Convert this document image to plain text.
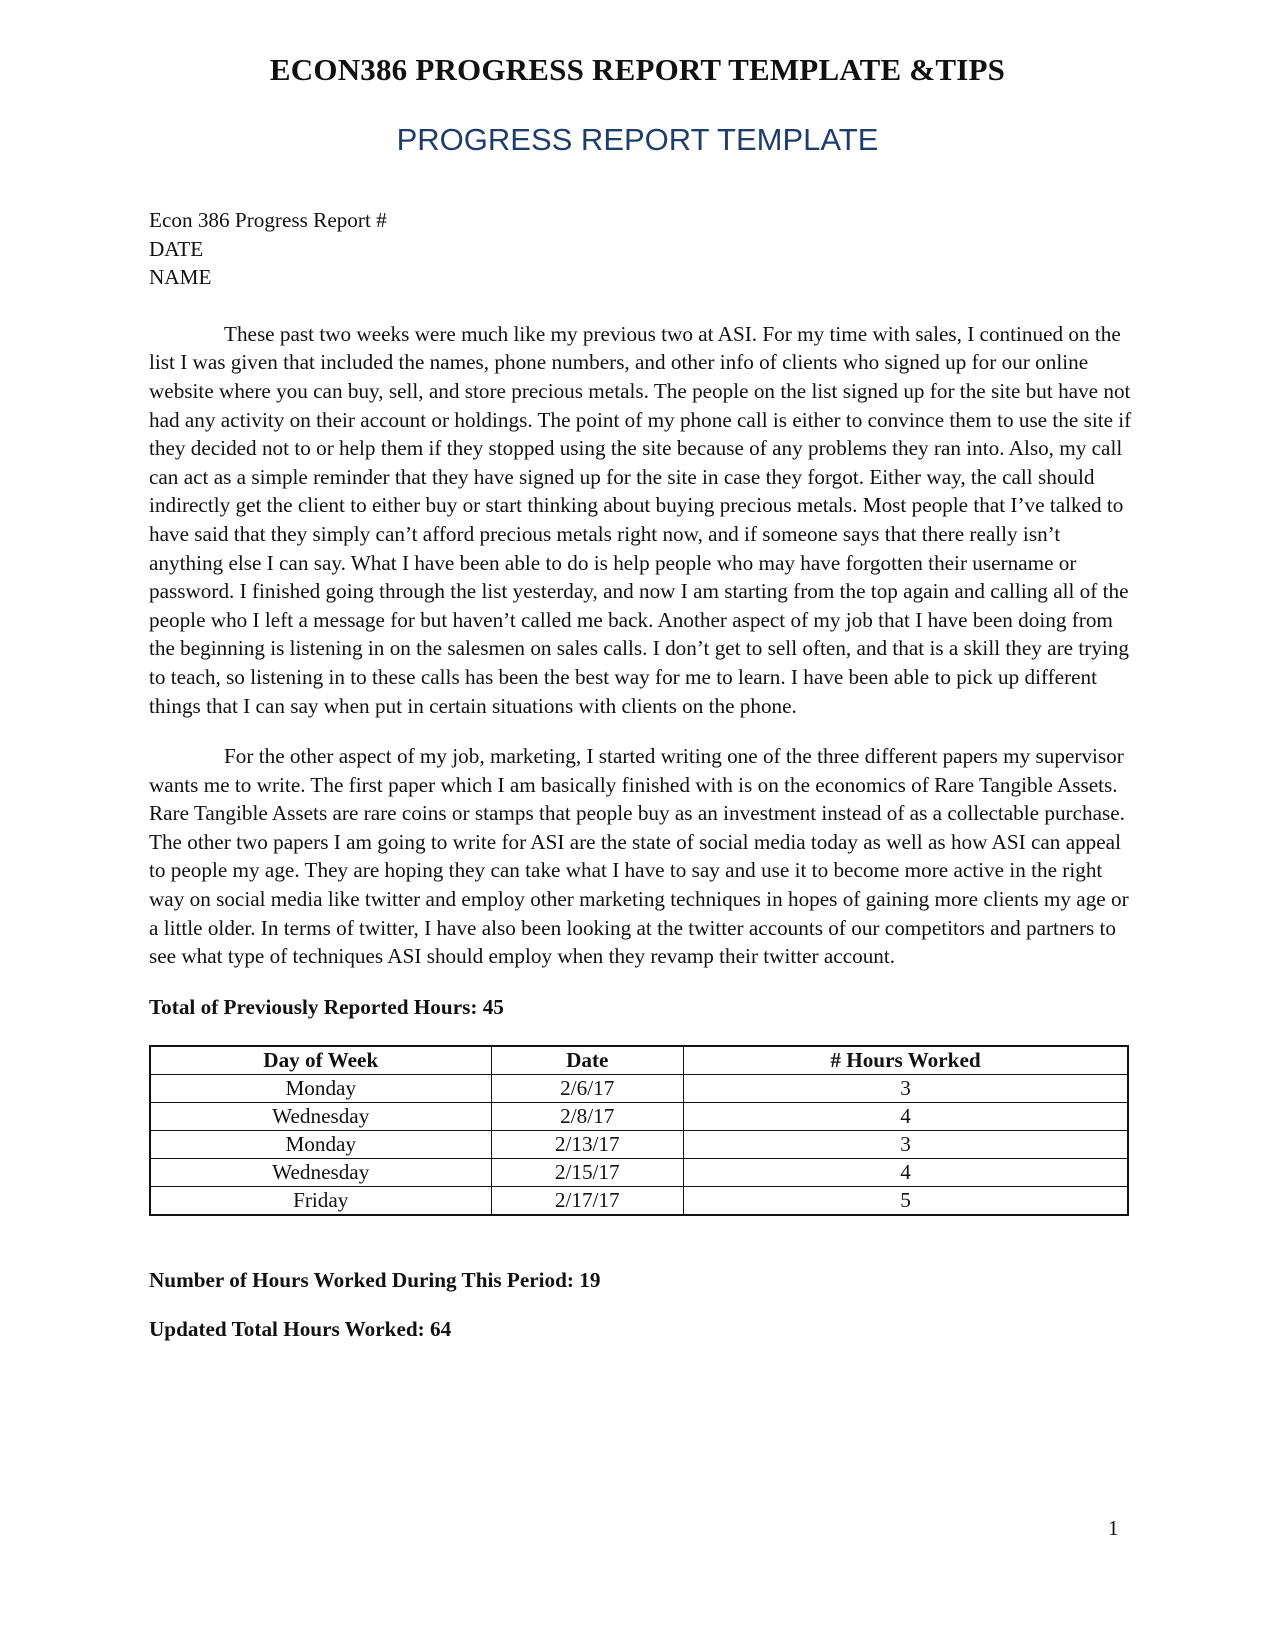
ECON386 PROGRESS REPORT TEMPLATE &TIPS
PROGRESS REPORT TEMPLATE
Econ 386 Progress Report #
DATE
NAME

These past two weeks were much like my previous two at ASI. For my time with sales, I continued on the list I was given that included the names, phone numbers, and other info of clients who signed up for our online website where you can buy, sell, and store precious metals. The people on the list signed up for the site but have not had any activity on their account or holdings. The point of my phone call is either to convince them to use the site if they decided not to or help them if they stopped using the site because of any problems they ran into. Also, my call can act as a simple reminder that they have signed up for the site in case they forgot. Either way, the call should indirectly get the client to either buy or start thinking about buying precious metals. Most people that I’ve talked to have said that they simply can’t afford precious metals right now, and if someone says that there really isn’t anything else I can say. What I have been able to do is help people who may have forgotten their username or password. I finished going through the list yesterday, and now I am starting from the top again and calling all of the people who I left a message for but haven’t called me back. Another aspect of my job that I have been doing from the beginning is listening in on the salesmen on sales calls. I don’t get to sell often, and that is a skill they are trying to teach, so listening in to these calls has been the best way for me to learn. I have been able to pick up different things that I can say when put in certain situations with clients on the phone.

For the other aspect of my job, marketing, I started writing one of the three different papers my supervisor wants me to write. The first paper which I am basically finished with is on the economics of Rare Tangible Assets. Rare Tangible Assets are rare coins or stamps that people buy as an investment instead of as a collectable purchase. The other two papers I am going to write for ASI are the state of social media today as well as how ASI can appeal to people my age. They are hoping they can take what I have to say and use it to become more active in the right way on social media like twitter and employ other marketing techniques in hopes of gaining more clients my age or a little older. In terms of twitter, I have also been looking at the twitter accounts of our competitors and partners to see what type of techniques ASI should employ when they revamp their twitter account.

Total of Previously Reported Hours: 45

Day of Week	Date	# Hours Worked
Monday	2/6/17	3
Wednesday	2/8/17	4
Monday	2/13/17	3
Wednesday	2/15/17	4
Friday	2/17/17	5

Number of Hours Worked During This Period: 19

Updated Total Hours Worked: 64

1
